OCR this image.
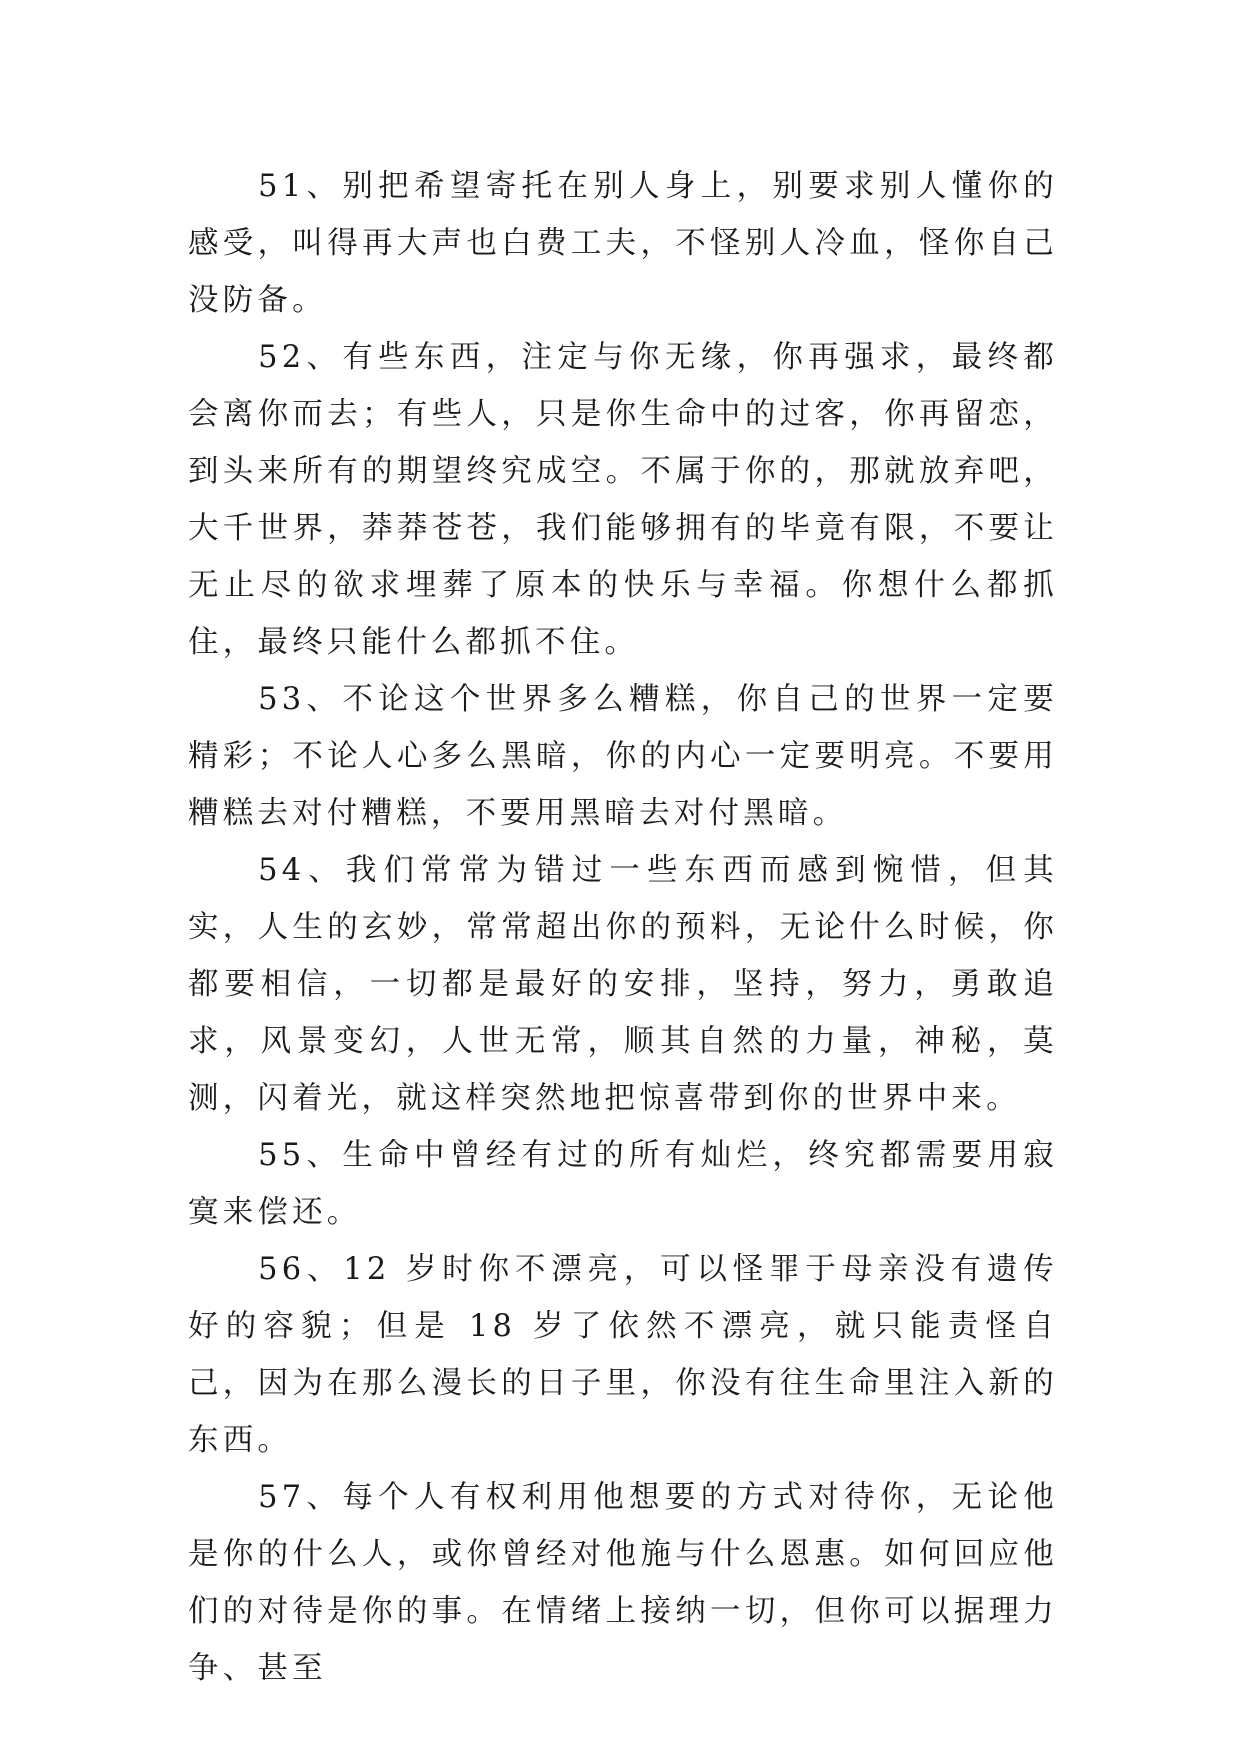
51、别把希望寄托在别人身上，别要求别人懂你的感受，叫得再大声也白费工夫，不怪别人冷血，怪你自己没防备。

52、有些东西，注定与你无缘，你再强求，最终都会离你而去；有些人，只是你生命中的过客，你再留恋，到头来所有的期望终究成空。不属于你的，那就放弃吧，大千世界，莽莽苍苍，我们能够拥有的毕竟有限，不要让无止尽的欲求埋葬了原本的快乐与幸福。你想什么都抓住，最终只能什么都抓不住。

53、不论这个世界多么糟糕，你自己的世界一定要精彩；不论人心多么黑暗，你的内心一定要明亮。不要用糟糕去对付糟糕，不要用黑暗去对付黑暗。

54、我们常常为错过一些东西而感到惋惜，但其实，人生的玄妙，常常超出你的预料，无论什么时候，你都要相信，一切都是最好的安排，坚持，努力，勇敢追求，风景变幻，人世无常，顺其自然的力量，神秘，莫测，闪着光，就这样突然地把惊喜带到你的世界中来。

55、生命中曾经有过的所有灿烂，终究都需要用寂寞来偿还。

56、12 岁时你不漂亮，可以怪罪于母亲没有遗传好的容貌；但是 18 岁了依然不漂亮，就只能责怪自己，因为在那么漫长的日子里，你没有往生命里注入新的东西。

57、每个人有权利用他想要的方式对待你，无论他是你的什么人，或你曾经对他施与什么恩惠。如何回应他们的对待是你的事。在情绪上接纳一切，但你可以据理力争、甚至
